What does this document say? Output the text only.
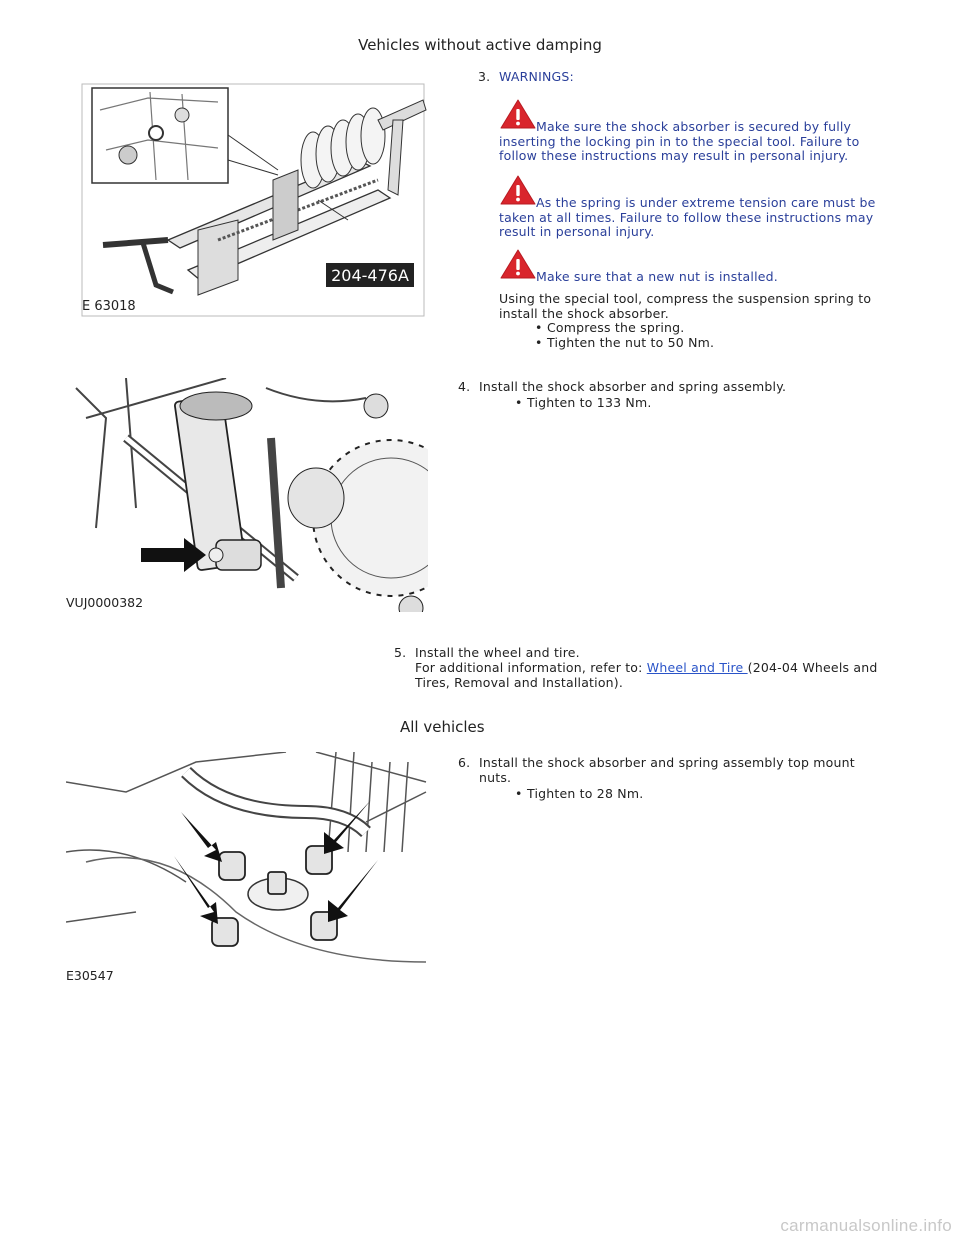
Vehicles without active damping
204-476A
E 63018
3. WARNINGS:
Make sure the shock absorber is secured by fully inserting the locking pin in to the special tool. Failure to follow these instructions may result in personal injury.
As the spring is under extreme tension care must be taken at all times. Failure to follow these instructions may result in personal injury.
Make sure that a new nut is installed.
Using the special tool, compress the suspension spring to install the shock absorber.
• Compress the spring.
• Tighten the nut to 50 Nm.
VUJ0000382
4. Install the shock absorber and spring assembly.
• Tighten to 133 Nm.
5. Install the wheel and tire.
For additional information, refer to: Wheel and Tire (204-04 Wheels and Tires, Removal and Installation).
All vehicles
E30547
6. Install the shock absorber and spring assembly top mount nuts.
• Tighten to 28 Nm.
carmanualsonline.info
